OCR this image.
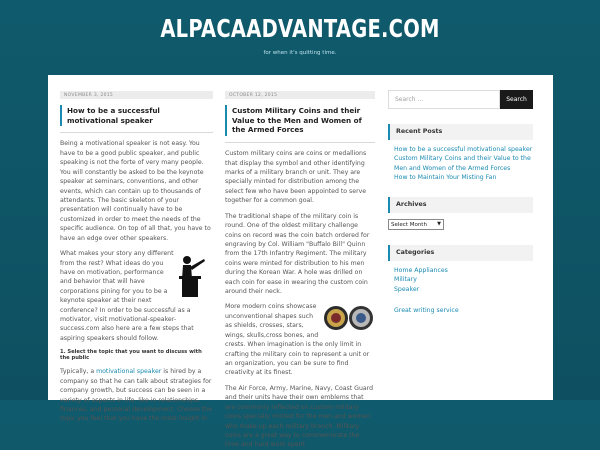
ALPACAADVANTAGE.COM
for when it's quitting time.
NOVEMBER 3, 2015
How to be a successful motivational speaker

Being a motivational speaker is not easy. You have to be a good public speaker, and public speaking is not the forte of very many people. You will constantly be asked to be the keynote speaker at seminars, conventions, and other events, which can contain up to thousands of attendants. The basic skeleton of your presentation will continually have to be customized in order to meet the needs of the specific audience. On top of all that, you have to have an edge over other speakers.

What makes your story any different from the rest? What ideas do you have on motivation, performance and behavior that will have corporations pining for you to be a keynote speaker at their next conference? In order to be successful as a motivator, visit motivational-speaker-success.com also here are a few steps that aspiring speakers should follow.

1. Select the topic that you want to discuss with the public

Typically, a motivational speaker is hired by a company so that he can talk about strategies for company growth, but success can be seen in a variety of aspects in life, like in relationships, finances, and personal development. Choose the topic you feel that you have the most insight in.

OCTOBER 12, 2015
Custom Military Coins and their Value to the Men and Women of the Armed Forces

Custom military coins are coins or medallions that display the symbol and other identifying marks of a military branch or unit. They are specially minted for distribution among the select few who have been appointed to serve together for a common goal.

The traditional shape of the military coin is round. One of the oldest military challenge coins on record was the coin batch ordered for engraving by Col. William "Buffalo Bill" Quinn from the 17th Infantry Regiment. The military coins were minted for distribution to his men during the Korean War. A hole was drilled on each coin for ease in wearing the custom coin around their neck.

More modern coins showcase unconventional shapes such as shields, crosses, stars, wings, skulls,cross bones, and crests. When imagination is the only limit in crafting the military coin to represent a unit or an organization, you can be sure to find creativity at its finest.

The Air Force, Army, Marine, Navy, Coast Guard and their units have their own emblems that are commonly reflected on custom military coins specially minted for the men and women who make up each military branch. Military coins are a great way to commemorate the time and hard work spent

Search ...
Search
Recent Posts
How to be a successful motivational speaker
Custom Military Coins and their Value to the Men and Women of the Armed Forces
How to Maintain Your Misting Fan
Archives
Select Month ▼
Categories
Home Appliances
Military
Speaker
Great writing service
